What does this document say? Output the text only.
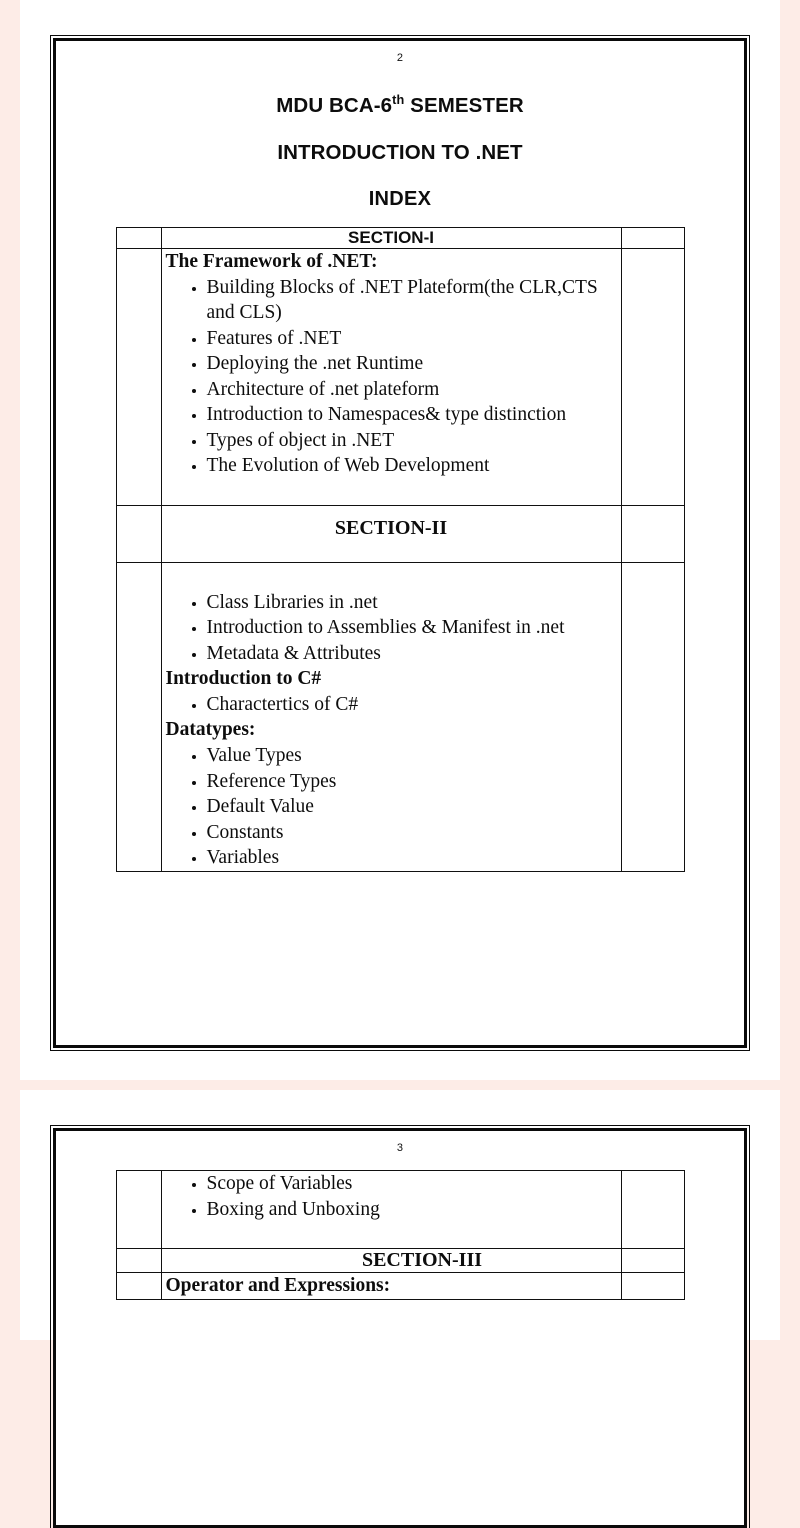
2
MDU BCA-6th SEMESTER
INTRODUCTION TO .NET
INDEX
	SECTION-I	

The Framework of .NET:
• Building Blocks of .NET Plateform(the CLR,CTS and CLS)
• Features of .NET
• Deploying the .net Runtime
• Architecture of .net plateform
• Introduction to Namespaces& type distinction
• Types of object in .NET
• The Evolution of Web Development

	SECTION-II	

• Class Libraries in .net
• Introduction to Assemblies & Manifest in .net
• Metadata & Attributes
Introduction to C#
• Charactertics of C#
Datatypes:
• Value Types
• Reference Types
• Default Value
• Constants
• Variables

3

• Scope of Variables
• Boxing and Unboxing

	SECTION-III	

	Operator and Expressions:	
